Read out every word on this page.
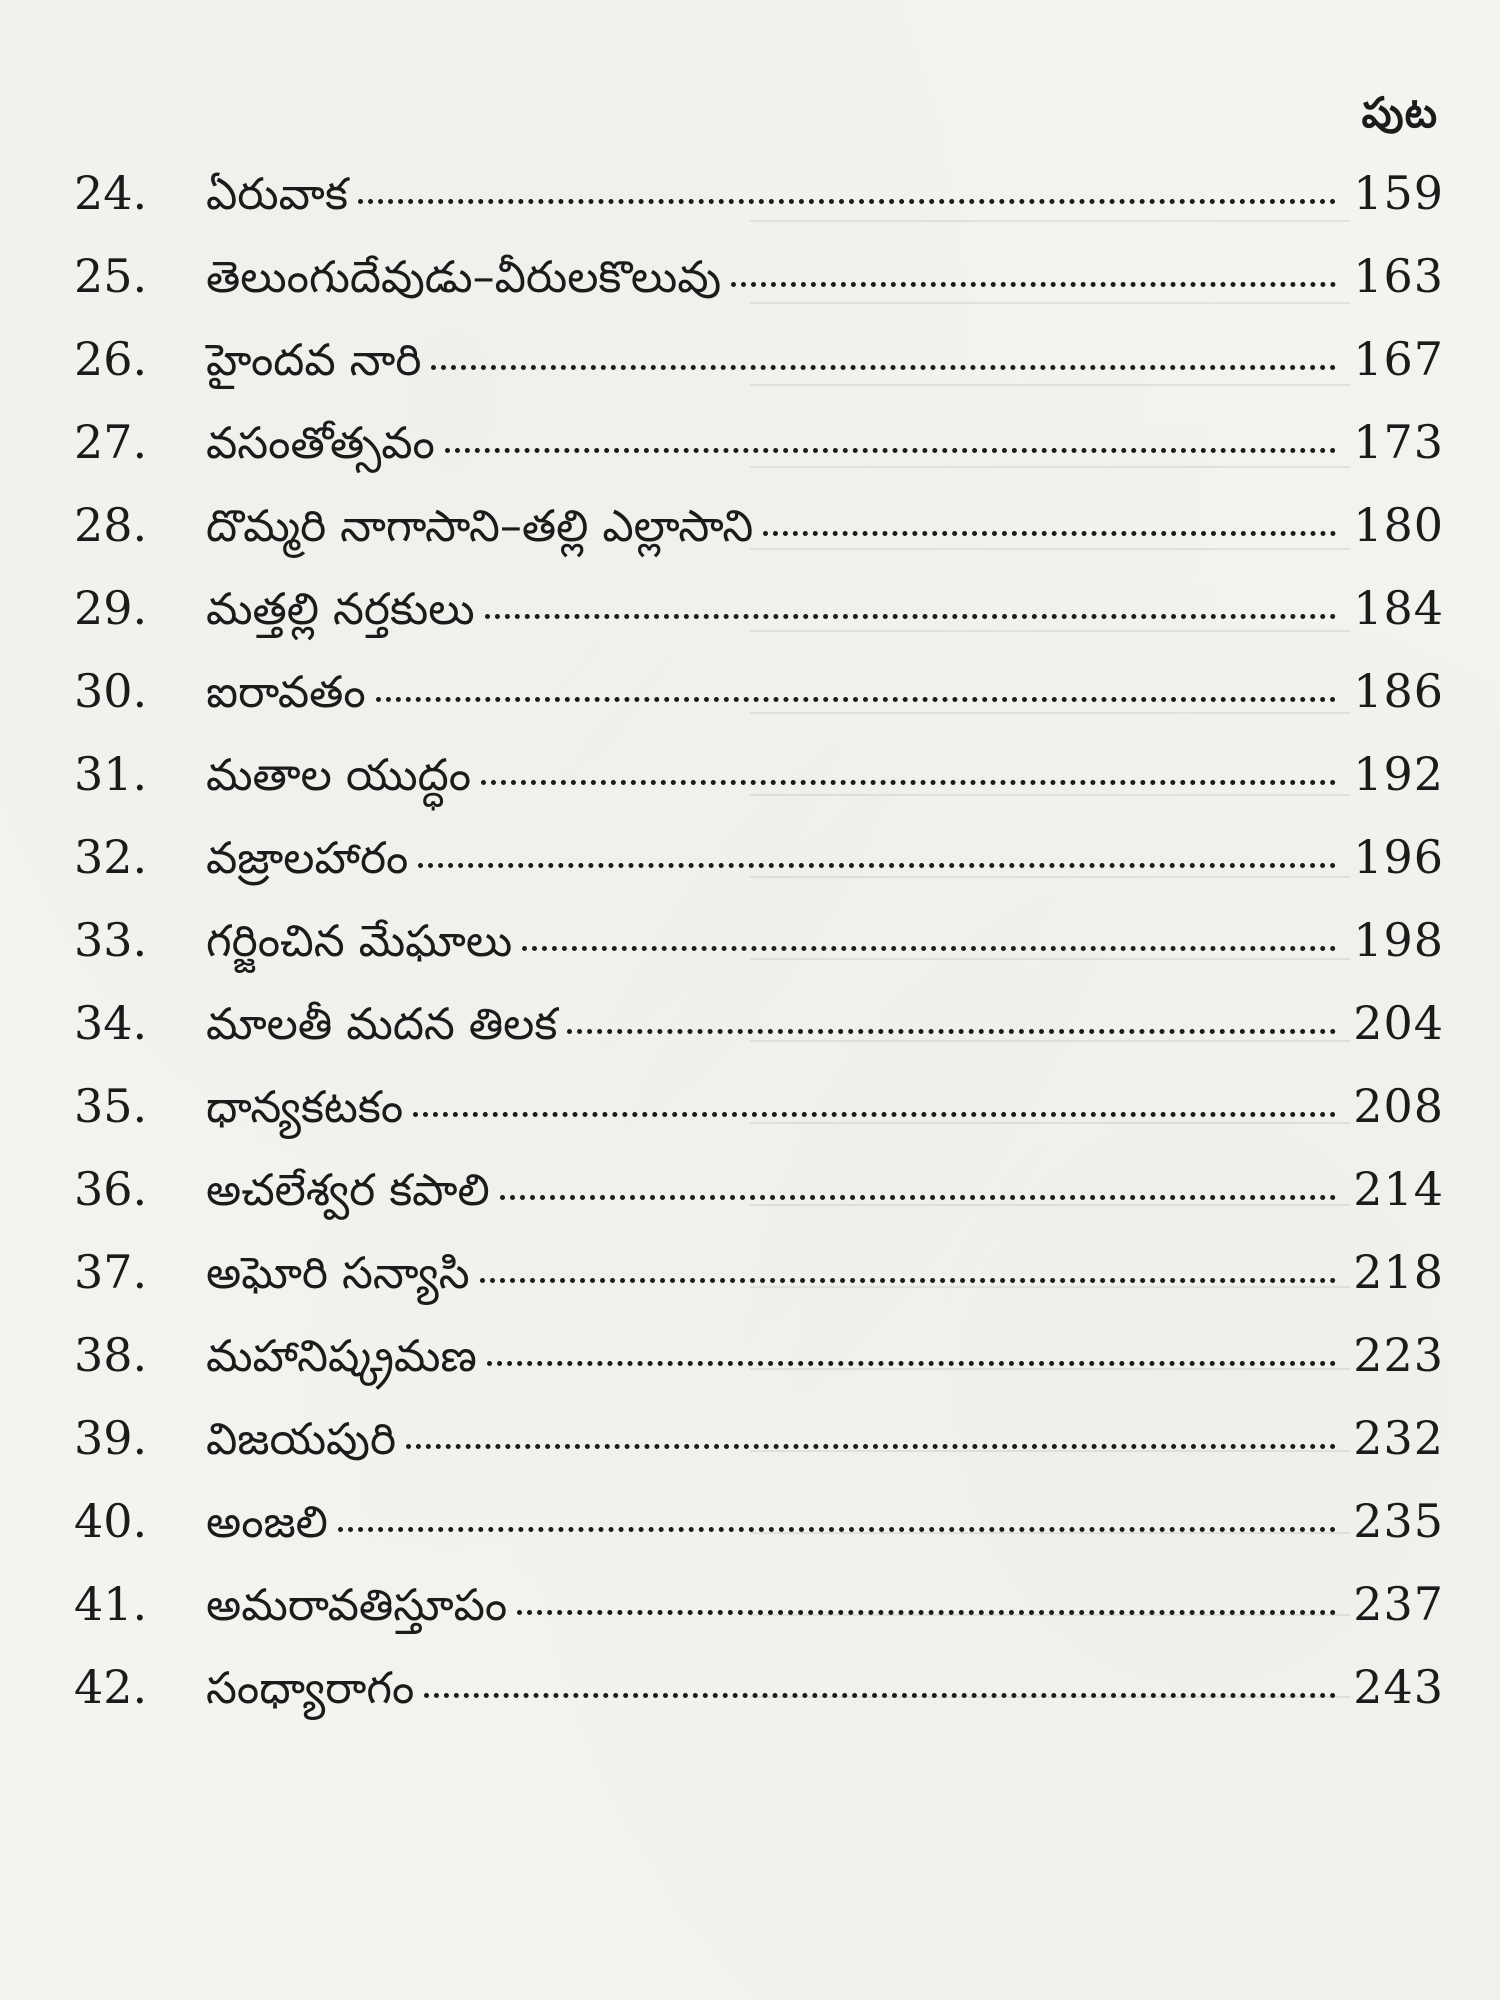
పుట
24.	ఏరువాక	159
25.	తెలుంగుదేవుడు–వీరులకొలువు	163
26.	హైందవ నారి	167
27.	వసంతోత్సవం	173
28.	దొమ్మరి నాగాసాని–తల్లి ఎల్లాసాని	180
29.	మత్తల్లి నర్తకులు	184
30.	ఐరావతం	186
31.	మతాల యుద్ధం	192
32.	వజ్రాలహారం	196
33.	గర్జించిన మేఘాలు	198
34.	మాలతీ మదన తిలక	204
35.	ధాన్యకటకం	208
36.	అచలేశ్వర కపాలి	214
37.	అఘోరి సన్యాసి	218
38.	మహానిష్క్రమణ	223
39.	విజయపురి	232
40.	అంజలి	235
41.	అమరావతిస్తూపం	237
42.	సంధ్యారాగం	243
